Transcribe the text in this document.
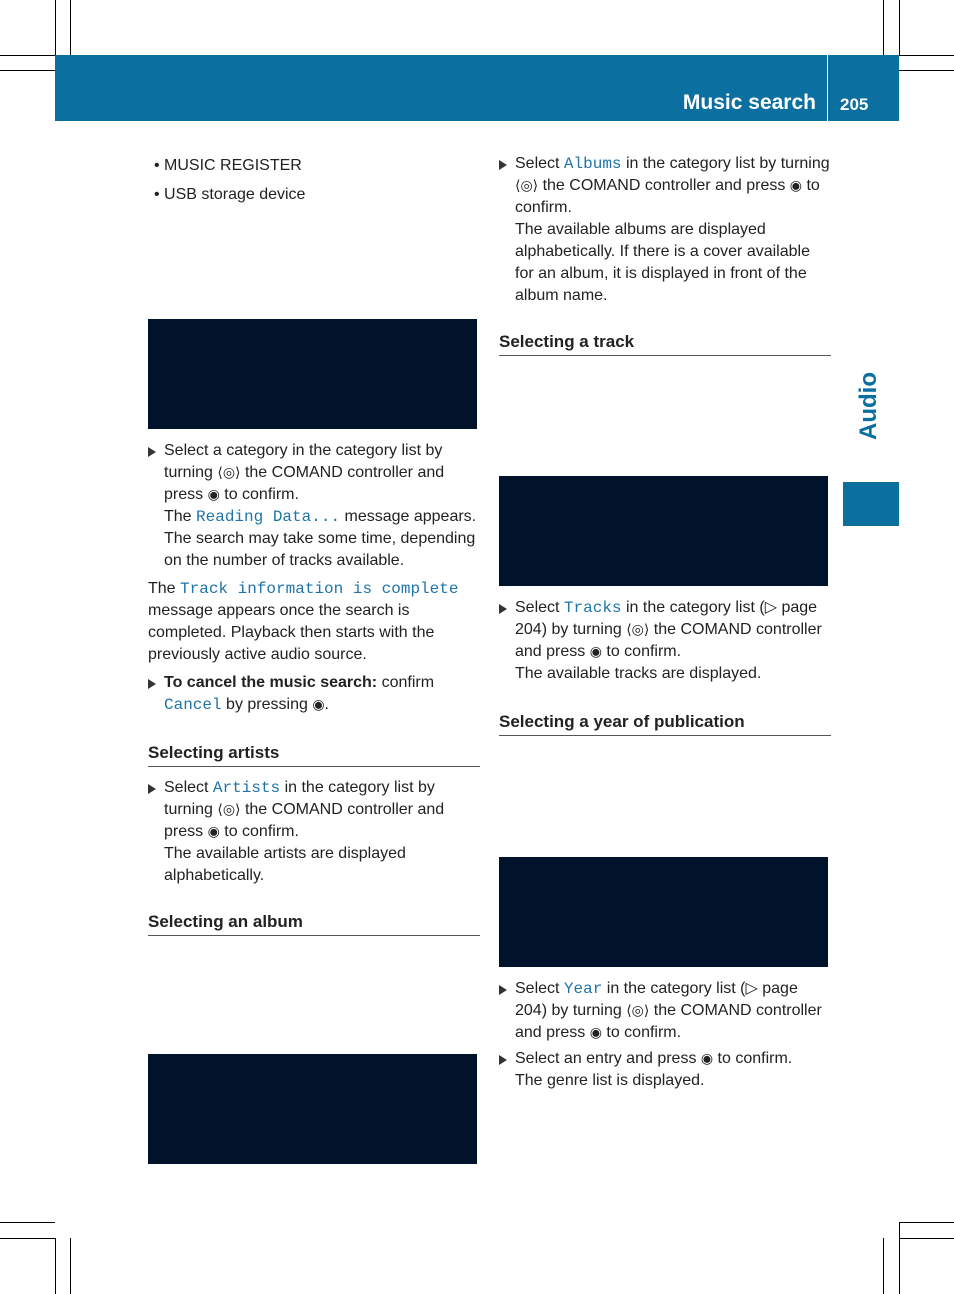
Music search 205
Audio
• MUSIC REGISTER
• USB storage device
Select a category in the category list by turning ⟨◎⟩ the COMAND controller and press ◉ to confirm.

The Reading Data... message appears.

The search may take some time, depending on the number of tracks available.

The Track information is complete message appears once the search is completed. Playback then starts with the previously active audio source.

To cancel the music search: confirm Cancel by pressing ◉.
Selecting artists
Select Artists in the category list by turning ⟨◎⟩ the COMAND controller and press ◉ to confirm.

The available artists are displayed alphabetically.

Selecting an album
Select Albums in the category list by turning ⟨◎⟩ the COMAND controller and press ◉ to confirm.

The available albums are displayed alphabetically. If there is a cover available for an album, it is displayed in front of the album name.

Selecting a track
Select Tracks in the category list (▷ page 204) by turning ⟨◎⟩ the COMAND controller and press ◉ to confirm.

The available tracks are displayed.

Selecting a year of publication
Select Year in the category list (▷ page 204) by turning ⟨◎⟩ the COMAND controller and press ◉ to confirm.
Select an entry and press ◉ to confirm.

The genre list is displayed.
